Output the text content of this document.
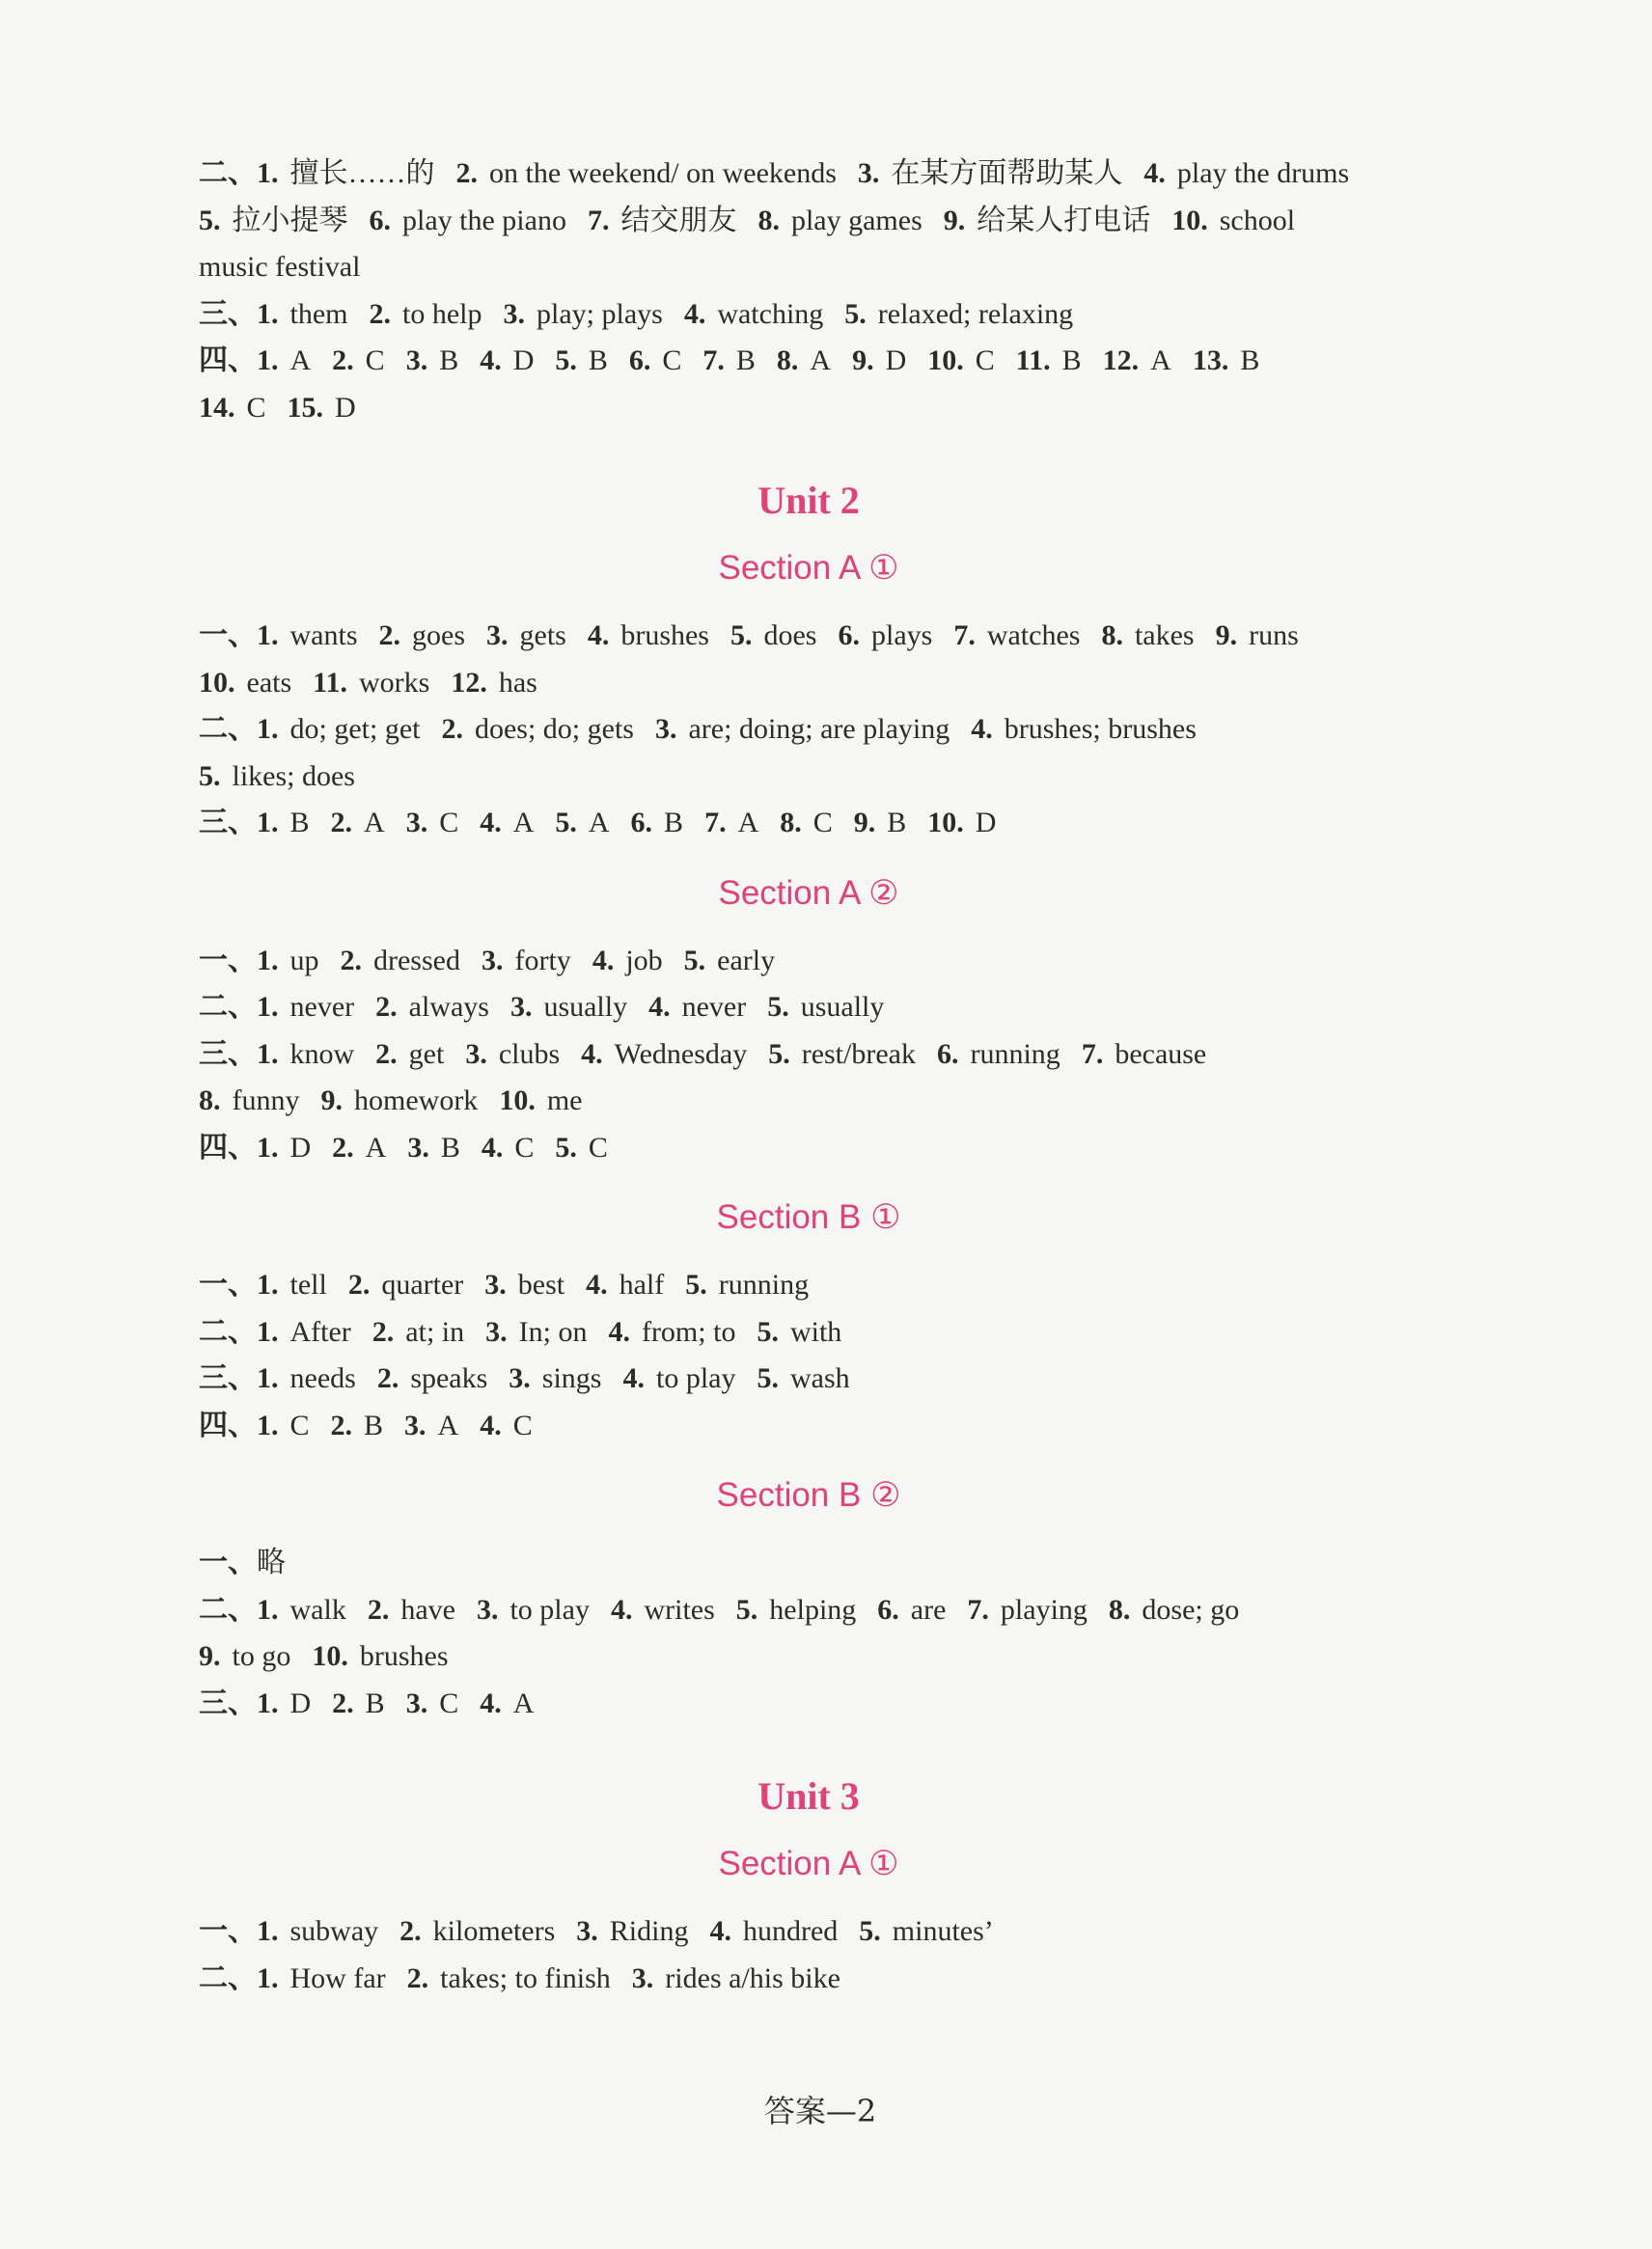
二、1. 擅长……的 2. on the weekend/ on weekends 3. 在某方面帮助某人 4. play the drums
5. 拉小提琴 6. play the piano 7. 结交朋友 8. play games 9. 给某人打电话 10. school
music festival
三、1. them 2. to help 3. play; plays 4. watching 5. relaxed; relaxing
四、1. A 2. C 3. B 4. D 5. B 6. C 7. B 8. A 9. D 10. C 11. B 12. A 13. B
14. C 15. D
Unit 2
Section A ①
一、1. wants 2. goes 3. gets 4. brushes 5. does 6. plays 7. watches 8. takes 9. runs
10. eats 11. works 12. has
二、1. do; get; get 2. does; do; gets 3. are; doing; are playing 4. brushes; brushes
5. likes; does
三、1. B 2. A 3. C 4. A 5. A 6. B 7. A 8. C 9. B 10. D
Section A ②
一、1. up 2. dressed 3. forty 4. job 5. early
二、1. never 2. always 3. usually 4. never 5. usually
三、1. know 2. get 3. clubs 4. Wednesday 5. rest/break 6. running 7. because
8. funny 9. homework 10. me
四、1. D 2. A 3. B 4. C 5. C
Section B ①
一、1. tell 2. quarter 3. best 4. half 5. running
二、1. After 2. at; in 3. In; on 4. from; to 5. with
三、1. needs 2. speaks 3. sings 4. to play 5. wash
四、1. C 2. B 3. A 4. C
Section B ②
一、略
二、1. walk 2. have 3. to play 4. writes 5. helping 6. are 7. playing 8. dose; go
9. to go 10. brushes
三、1. D 2. B 3. C 4. A
Unit 3
Section A ①
一、1. subway 2. kilometers 3. Riding 4. hundred 5. minutes’
二、1. How far 2. takes; to finish 3. rides a/his bike
答案—2
